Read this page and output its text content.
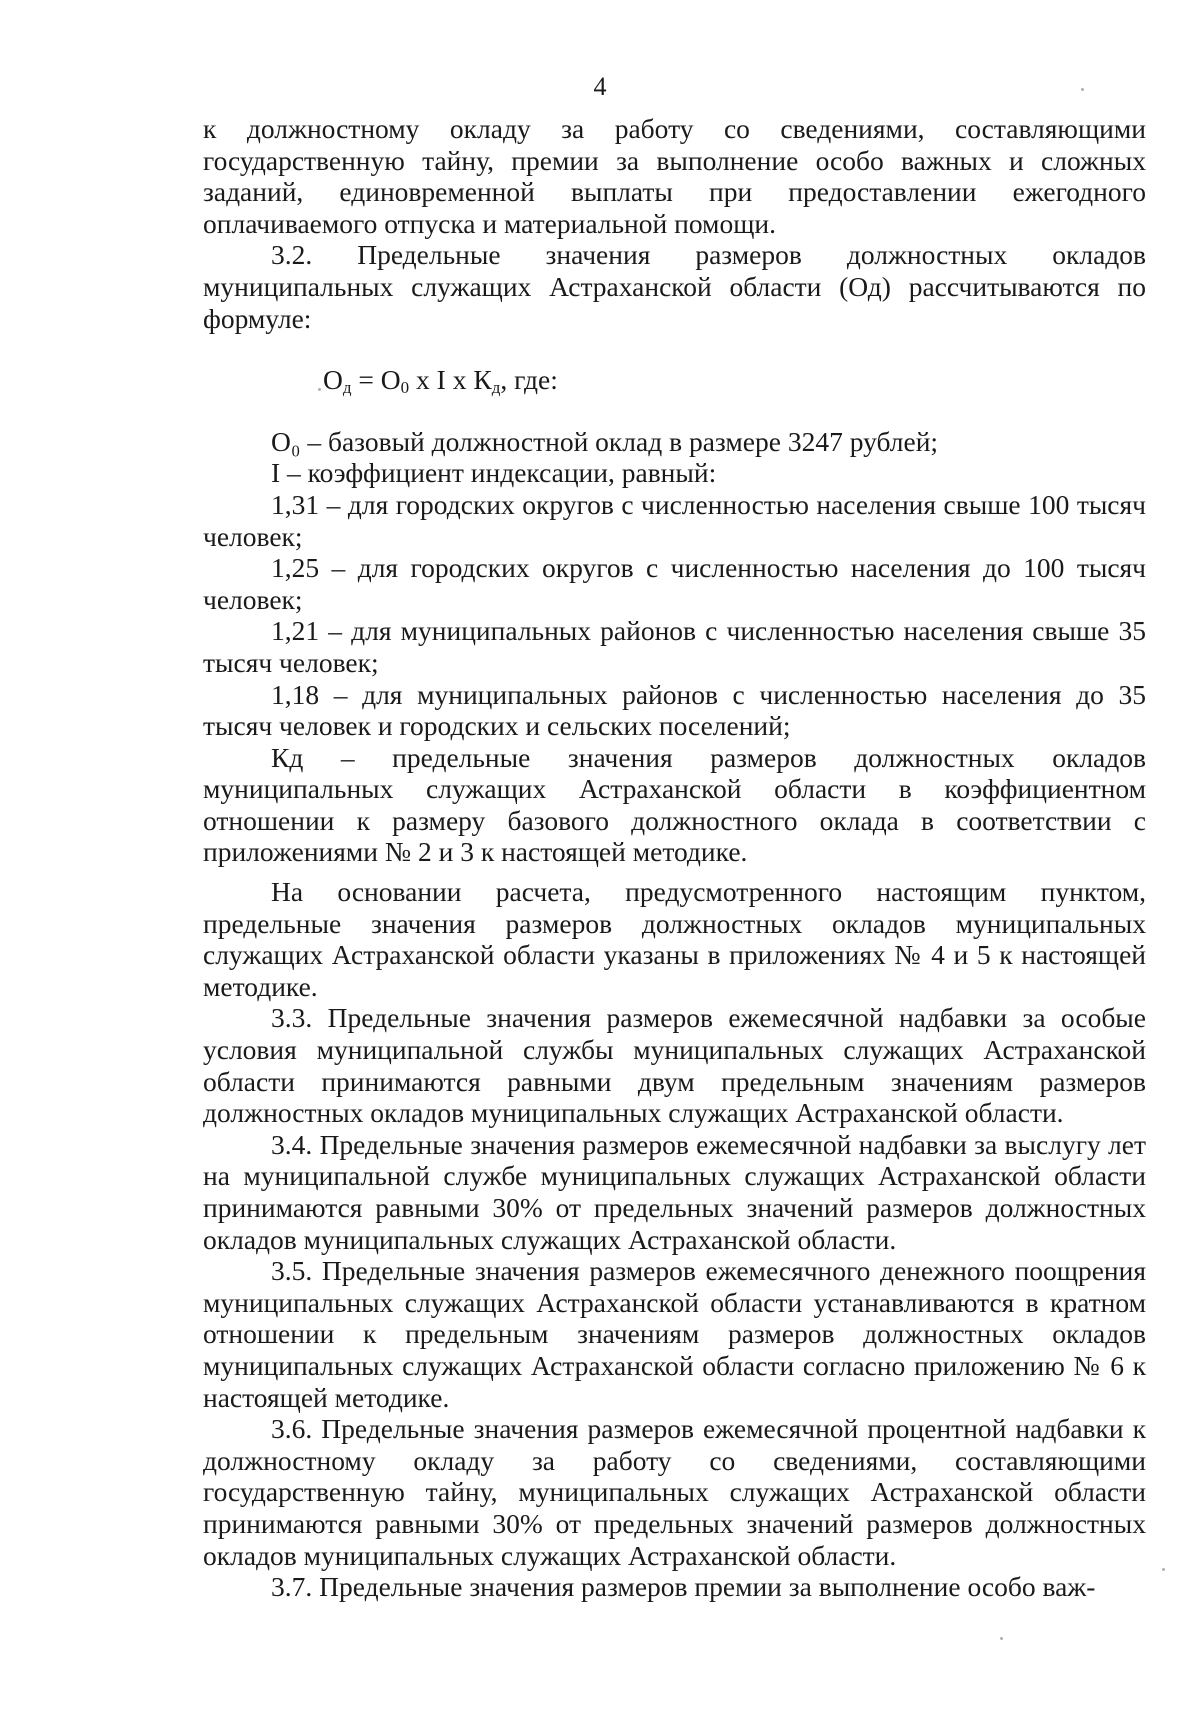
4

к должностному окладу за работу со сведениями, составляющими государственную тайну, премии за выполнение особо важных и сложных заданий, единовременной выплаты при предоставлении ежегодного оплачиваемого отпуска и материальной помощи.

3.2. Предельные значения размеров должностных окладов муниципальных служащих Астраханской области (Од) рассчитываются по формуле:

$О_д = О_0$ x I x $К_д$, где:

О₀ – базовый должностной оклад в размере 3247 рублей;

I – коэффициент индексации, равный:

1,31 – для городских округов с численностью населения свыше 100 тысяч человек;

1,25 – для городских округов с численностью населения до 100 тысяч человек;

1,21 – для муниципальных районов с численностью населения свыше 35 тысяч человек;

1,18 – для муниципальных районов с численностью населения до 35 тысяч человек и городских и сельских поселений;

Кд – предельные значения размеров должностных окладов муниципальных служащих Астраханской области в коэффициентном отношении к размеру базового должностного оклада в соответствии с приложениями № 2 и 3 к настоящей методике.

На основании расчета, предусмотренного настоящим пунктом, предельные значения размеров должностных окладов муниципальных служащих Астраханской области указаны в приложениях № 4 и 5 к настоящей методике.

3.3. Предельные значения размеров ежемесячной надбавки за особые условия муниципальной службы муниципальных служащих Астраханской области принимаются равными двум предельным значениям размеров должностных окладов муниципальных служащих Астраханской области.

3.4. Предельные значения размеров ежемесячной надбавки за выслугу лет на муниципальной службе муниципальных служащих Астраханской области принимаются равными 30% от предельных значений размеров должностных окладов муниципальных служащих Астраханской области.

3.5. Предельные значения размеров ежемесячного денежного поощрения муниципальных служащих Астраханской области устанавливаются в кратном отношении к предельным значениям размеров должностных окладов муниципальных служащих Астраханской области согласно приложению № 6 к настоящей методике.

3.6. Предельные значения размеров ежемесячной процентной надбавки к должностному окладу за работу со сведениями, составляющими государственную тайну, муниципальных служащих Астраханской области принимаются равными 30% от предельных значений размеров должностных окладов муниципальных служащих Астраханской области.

3.7. Предельные значения размеров премии за выполнение особо важ-
